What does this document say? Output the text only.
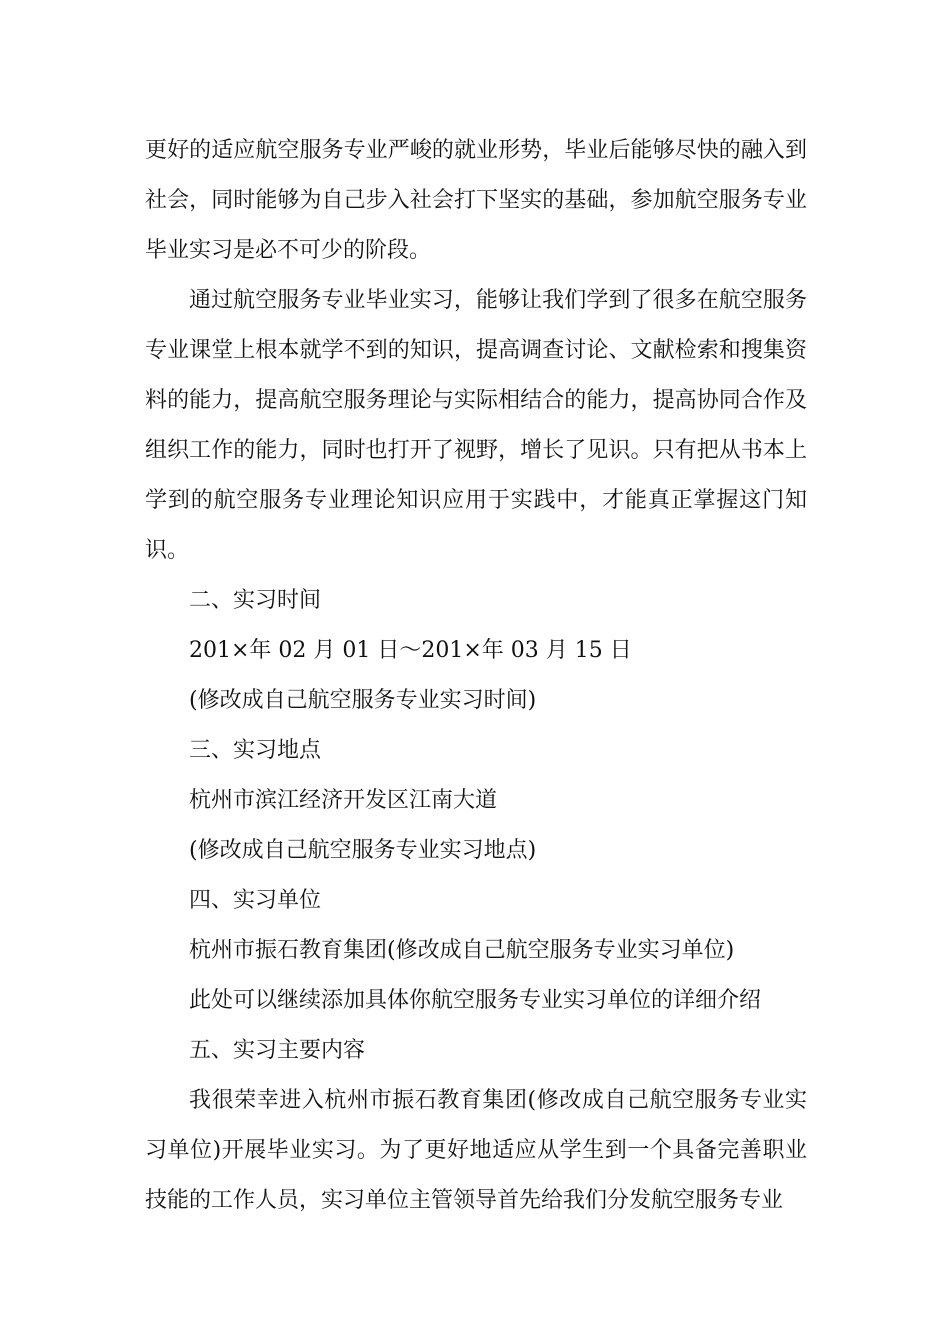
更好的适应航空服务专业严峻的就业形势，毕业后能够尽快的融入到社会，同时能够为自己步入社会打下坚实的基础，参加航空服务专业毕业实习是必不可少的阶段。

通过航空服务专业毕业实习，能够让我们学到了很多在航空服务专业课堂上根本就学不到的知识，提高调查讨论、文献检索和搜集资料的能力，提高航空服务理论与实际相结合的能力，提高协同合作及组织工作的能力，同时也打开了视野，增长了见识。只有把从书本上学到的航空服务专业理论知识应用于实践中，才能真正掌握这门知识。

二、实习时间

201×年 02 月 01 日～201×年 03 月 15 日

(修改成自己航空服务专业实习时间)

三、实习地点

杭州市滨江经济开发区江南大道

(修改成自己航空服务专业实习地点)

四、实习单位

杭州市振石教育集团(修改成自己航空服务专业实习单位)

此处可以继续添加具体你航空服务专业实习单位的详细介绍

五、实习主要内容

我很荣幸进入杭州市振石教育集团(修改成自己航空服务专业实习单位)开展毕业实习。为了更好地适应从学生到一个具备完善职业技能的工作人员，实习单位主管领导首先给我们分发航空服务专业
